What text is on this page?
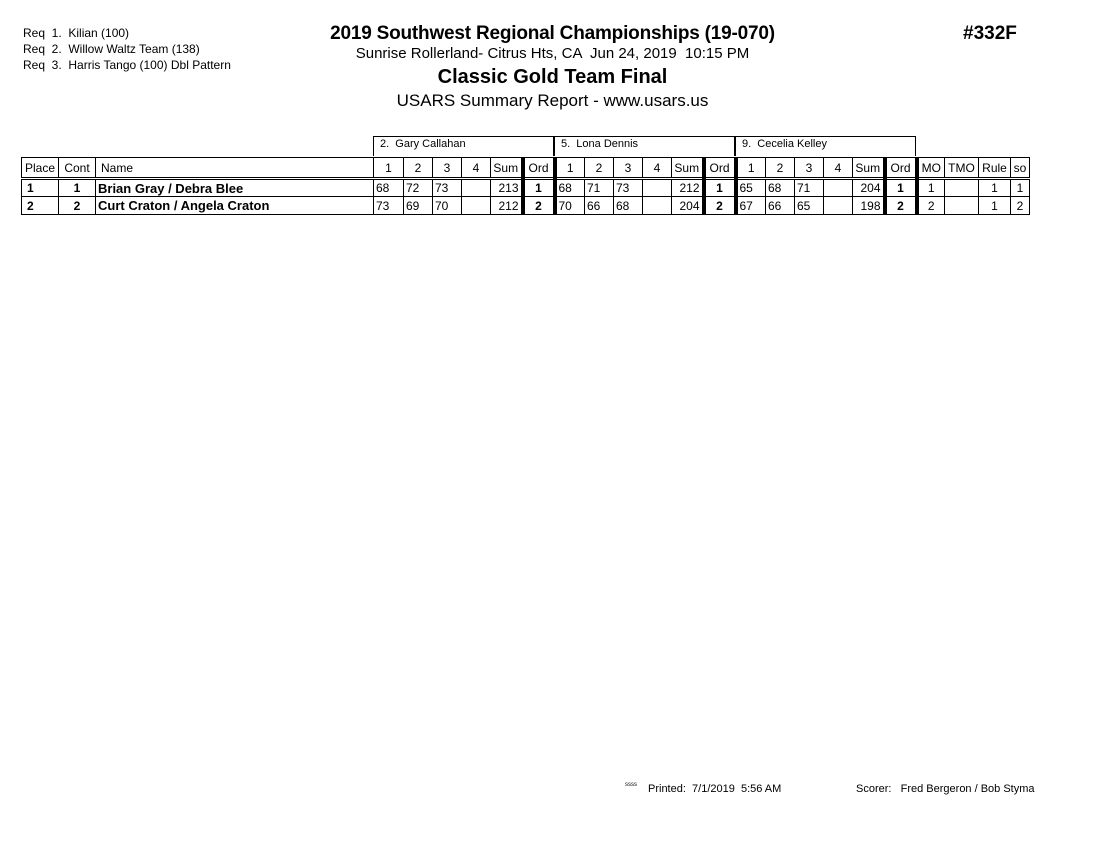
Req  1.  Kilian (100)
Req  2.  Willow Waltz Team (138)
Req  3.  Harris Tango (100) Dbl Pattern
2019 Southwest Regional Championships (19-070)
Sunrise Rollerland- Citrus Hts, CA  Jun 24, 2019  10:15 PM
Classic Gold Team Final
USARS Summary Report - www.usars.us
#332F
2.  Gary Callahan	5.  Lona Dennis	9.  Cecelia Kelley
Place	Cont	Name	1	2	3	4	Sum	Ord	1	2	3	4	Sum	Ord	1	2	3	4	Sum	Ord	MO	TMO	Rule	so
1	1	Brian Gray / Debra Blee	68	72	73		213	1	68	71	73		212	1	65	68	71		204	1	1		1	1
2	2	Curt Craton / Angela Craton	73	69	70		212	2	70	66	68		204	2	67	66	65		198	2	2		1	2
ssss Printed:  7/1/2019  5:56 AM	Scorer:   Fred Bergeron / Bob Styma
